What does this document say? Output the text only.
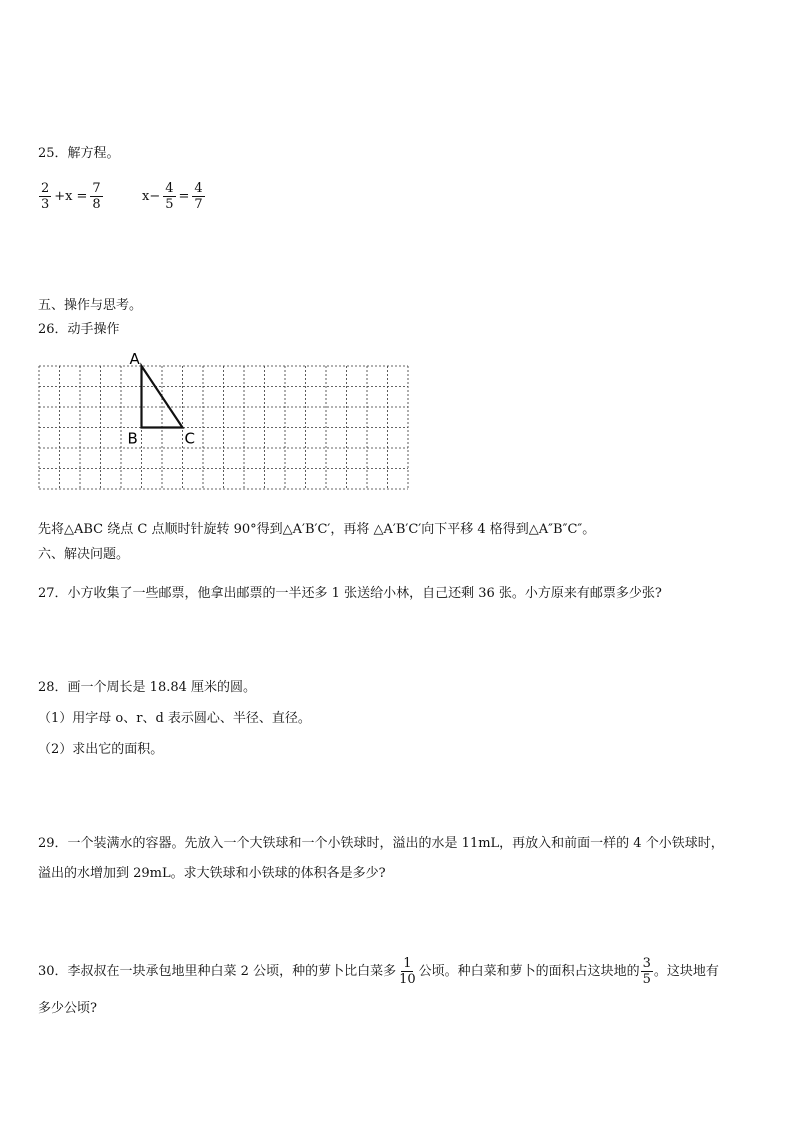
25．解方程。
$\frac{2}{3} +x = \frac{7}{8}$	$x- \frac{4}{5} = \frac{4}{7}$
五、操作与思考。
26．动手操作
A
B	C
先将△ABC 绕点 C 点顺时针旋转 90°得到△A′B′C′，再将 △A′B′C′向下平移 4 格得到△A″B″C″。
六、解决问题。
27．小方收集了一些邮票，他拿出邮票的一半还多 1 张送给小林，自己还剩 36 张。小方原来有邮票多少张?
28．画一个周长是 18.84 厘米的圆。
（1）用字母 o、r、d 表示圆心、半径、直径。
（2）求出它的面积。
29．一个装满水的容器。先放入一个大铁球和一个小铁球时，溢出的水是 11mL，再放入和前面一样的 4 个小铁球时，
溢出的水增加到 29mL。求大铁球和小铁球的体积各是多少?
30．李叔叔在一块承包地里种白菜 2 公顷，种的萝卜比白菜多 $\frac{1}{10}$ 公顷。种白菜和萝卜的面积占这块地的 $\frac{3}{5}$ 。这块地有
多少公顷?
